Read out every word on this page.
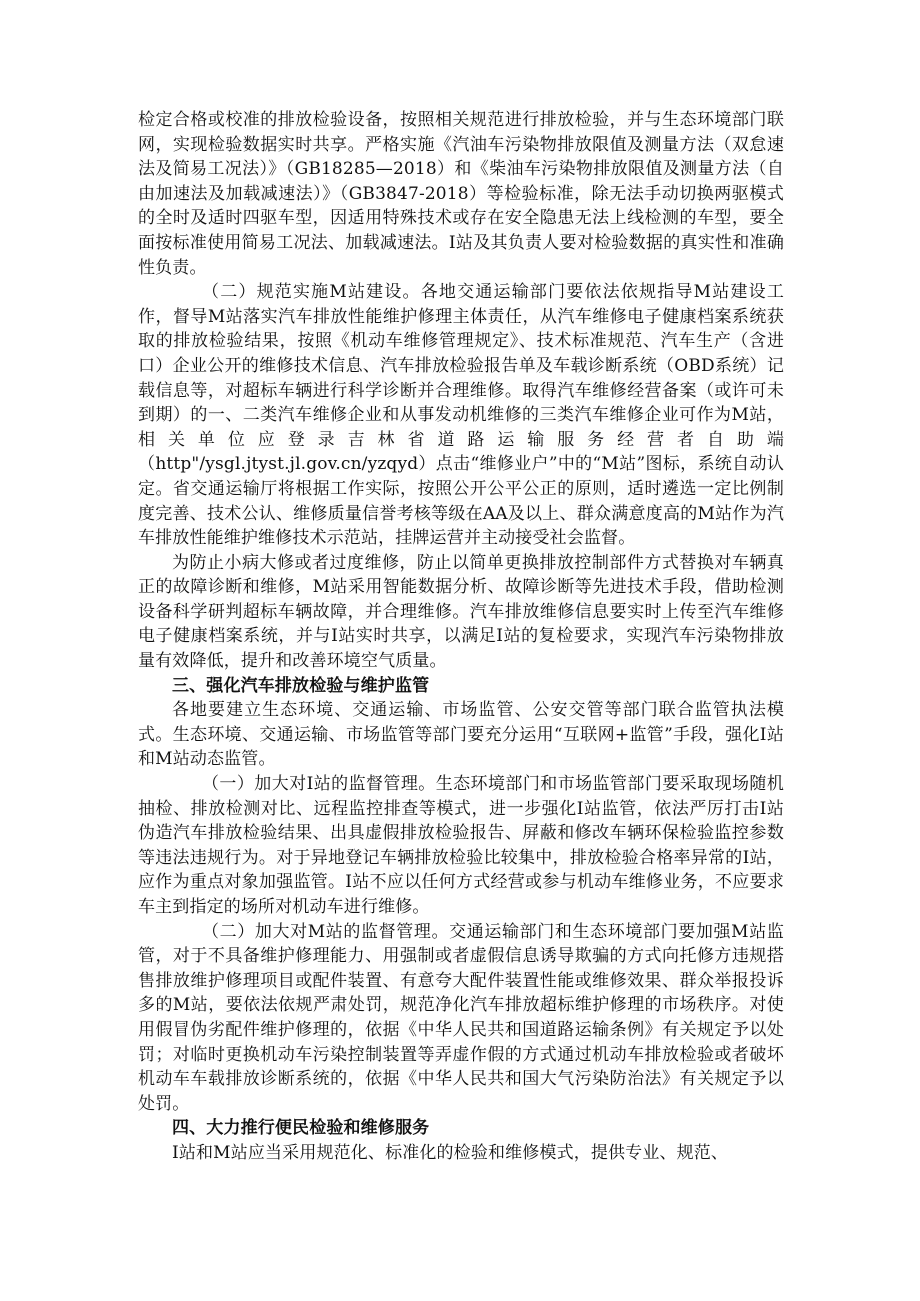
检定合格或校准的排放检验设备，按照相关规范进行排放检验，并与生态环境部门联网，实现检验数据实时共享。严格实施《汽油车污染物排放限值及测量方法（双怠速法及简易工况法）》（GB18285—2018）和《柴油车污染物排放限值及测量方法（自由加速法及加载减速法）》（GB3847-2018）等检验标准，除无法手动切换两驱模式的全时及适时四驱车型，因适用特殊技术或存在安全隐患无法上线检测的车型，要全面按标准使用简易工况法、加载减速法。I站及其负责人要对检验数据的真实性和准确性负责。

（二）规范实施M站建设。各地交通运输部门要依法依规指导M站建设工作，督导M站落实汽车排放性能维护修理主体责任，从汽车维修电子健康档案系统获取的排放检验结果，按照《机动车维修管理规定》、技术标准规范、汽车生产（含进口）企业公开的维修技术信息、汽车排放检验报告单及车载诊断系统（OBD系统）记载信息等，对超标车辆进行科学诊断并合理维修。取得汽车维修经营备案（或许可未到期）的一、二类汽车维修企业和从事发动机维修的三类汽车维修企业可作为M站，相关单位应登录吉林省道路运输服务经营者自助端（http"/ysgl.jtyst.jl.gov.cn/yzqyd）点击“维修业户”中的“M站”图标，系统自动认定。省交通运输厅将根据工作实际，按照公开公平公正的原则，适时遴选一定比例制度完善、技术公认、维修质量信誉考核等级在AA及以上、群众满意度高的M站作为汽车排放性能维护维修技术示范站，挂牌运营并主动接受社会监督。

为防止小病大修或者过度维修，防止以简单更换排放控制部件方式替换对车辆真正的故障诊断和维修，M站采用智能数据分析、故障诊断等先进技术手段，借助检测设备科学研判超标车辆故障，并合理维修。汽车排放维修信息要实时上传至汽车维修电子健康档案系统，并与I站实时共享，以满足I站的复检要求，实现汽车污染物排放量有效降低，提升和改善环境空气质量。

三、强化汽车排放检验与维护监管

各地要建立生态环境、交通运输、市场监管、公安交管等部门联合监管执法模式。生态环境、交通运输、市场监管等部门要充分运用“互联网+监管”手段，强化I站和M站动态监管。

（一）加大对I站的监督管理。生态环境部门和市场监管部门要采取现场随机抽检、排放检测对比、远程监控排查等模式，进一步强化I站监管，依法严厉打击I站伪造汽车排放检验结果、出具虚假排放检验报告、屏蔽和修改车辆环保检验监控参数等违法违规行为。对于异地登记车辆排放检验比较集中，排放检验合格率异常的I站，应作为重点对象加强监管。I站不应以任何方式经营或参与机动车维修业务，不应要求车主到指定的场所对机动车进行维修。

（二）加大对M站的监督管理。交通运输部门和生态环境部门要加强M站监管，对于不具备维护修理能力、用强制或者虚假信息诱导欺骗的方式向托修方违规搭售排放维护修理项目或配件装置、有意夸大配件装置性能或维修效果、群众举报投诉多的M站，要依法依规严肃处罚，规范净化汽车排放超标维护修理的市场秩序。对使用假冒伪劣配件维护修理的，依据《中华人民共和国道路运输条例》有关规定予以处罚；对临时更换机动车污染控制装置等弄虚作假的方式通过机动车排放检验或者破坏机动车车载排放诊断系统的，依据《中华人民共和国大气污染防治法》有关规定予以处罚。

四、大力推行便民检验和维修服务

I站和M站应当采用规范化、标准化的检验和维修模式，提供专业、规范、
